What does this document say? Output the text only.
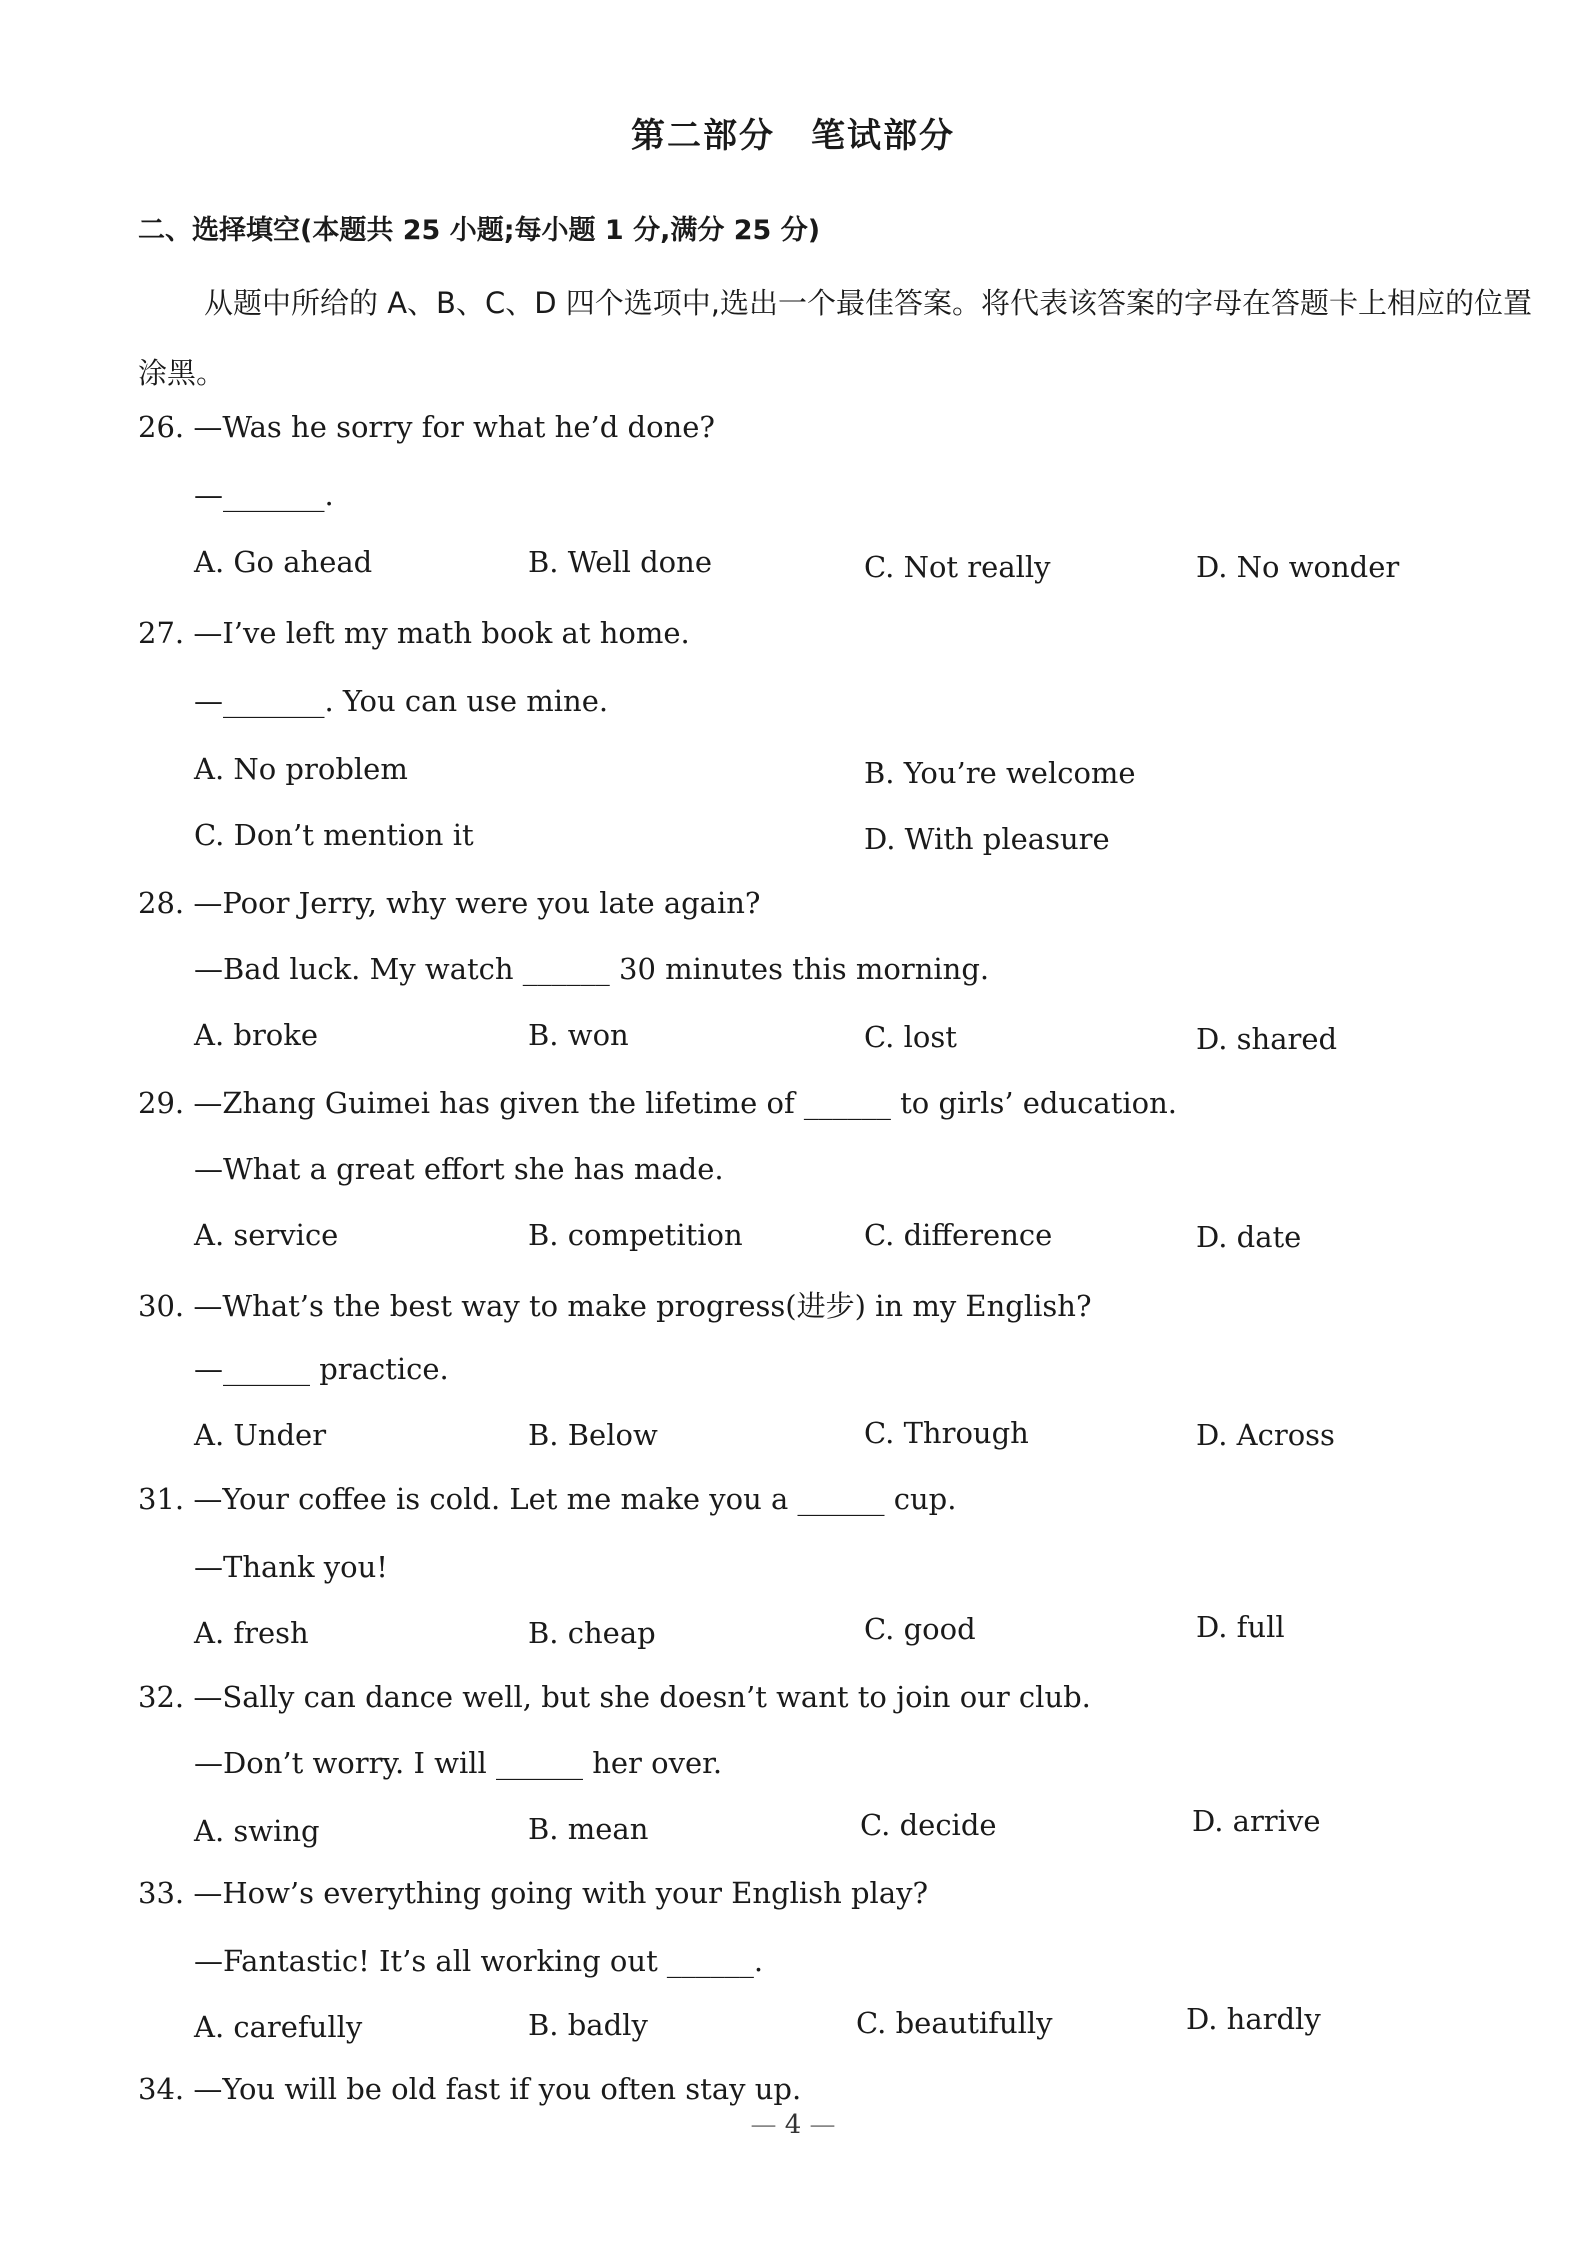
第二部分　笔试部分
二、选择填空(本题共 25 小题;每小题 1 分,满分 25 分)
从题中所给的 A、B、C、D 四个选项中,选出一个最佳答案。将代表该答案的字母在答题卡上相应的位置涂黑。
26. —Was he sorry for what he’d done?
—_______.
A. Go ahead	B. Well done	C. Not really	D. No wonder
27. —I’ve left my math book at home.
—_______. You can use mine.
A. No problem	B. You’re welcome
C. Don’t mention it	D. With pleasure
28. —Poor Jerry, why were you late again?
—Bad luck. My watch ______ 30 minutes this morning.
A. broke	B. won	C. lost	D. shared
29. —Zhang Guimei has given the lifetime of ______ to girls’ education.
—What a great effort she has made.
A. service	B. competition	C. difference	D. date
30. —What’s the best way to make progress(进步) in my English?
—______ practice.
A. Under	B. Below	C. Through	D. Across
31. —Your coffee is cold. Let me make you a ______ cup.
—Thank you!
A. fresh	B. cheap	C. good	D. full
32. —Sally can dance well, but she doesn’t want to join our club.
—Don’t worry. I will ______ her over.
A. swing	B. mean	C. decide	D. arrive
33. —How’s everything going with your English play?
—Fantastic! It’s all working out ______.
A. carefully	B. badly	C. beautifully	D. hardly
34. —You will be old fast if you often stay up.
— 4 —
